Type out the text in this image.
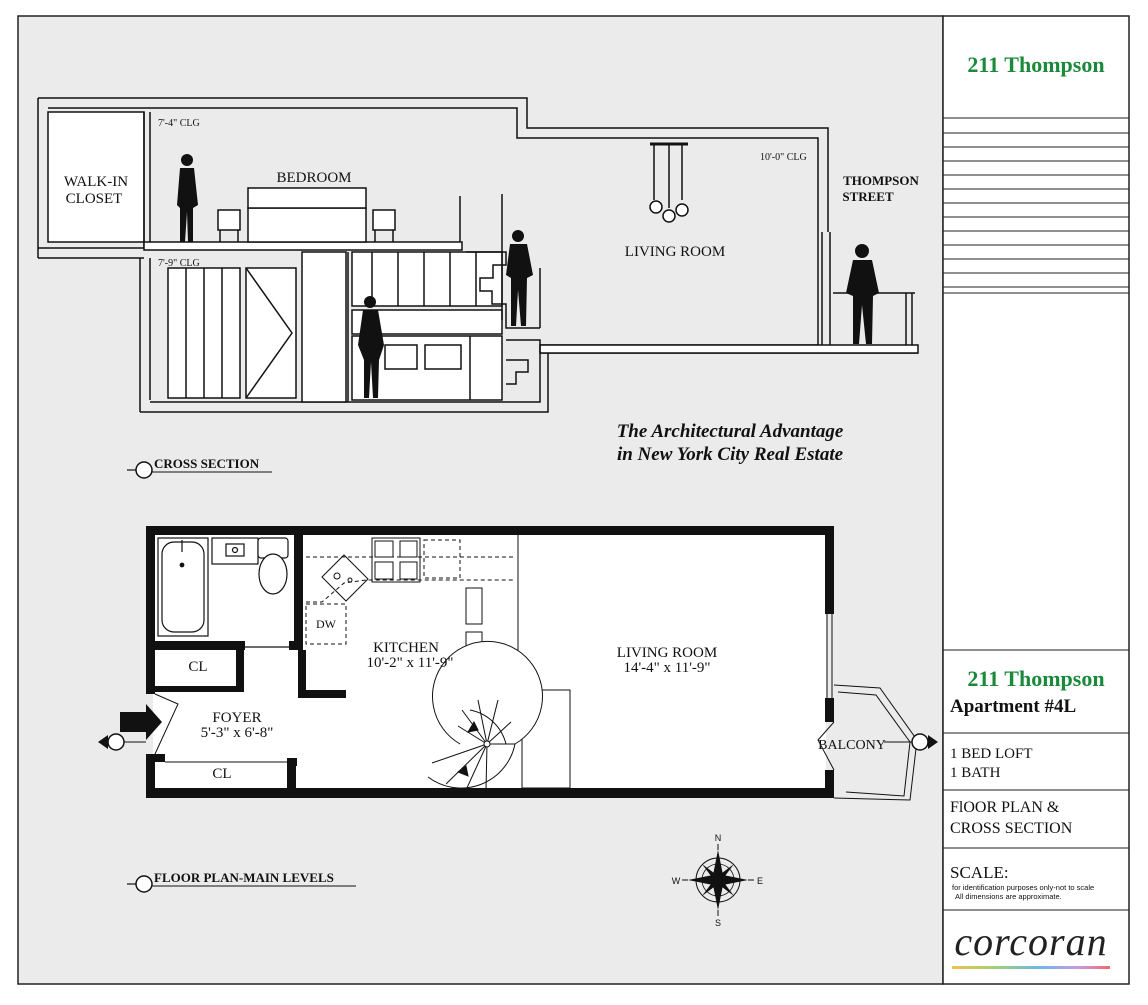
211 Thompson
211 Thompson
Apartment #4L
1 BED LOFT
1 BATH
FlOOR PLAN &
CROSS SECTION
SCALE:
for identification purposes only-not to scale
All dimensions are approximate.
corcoran
WALK-IN
CLOSET
BEDROOM
LIVING ROOM
THOMPSON
STREET
7'-4" CLG
7'-9" CLG
10'-0" CLG
The Architectural Advantage
in New York City Real Estate
CROSS SECTION
CL
CL
DW
KITCHEN
10'-2" x 11'-9"
LIVING ROOM
14'-4" x 11'-9"
FOYER
5'-3" x 6'-8"
BALCONY
FLOOR PLAN-MAIN LEVELS
N
S
E
W
